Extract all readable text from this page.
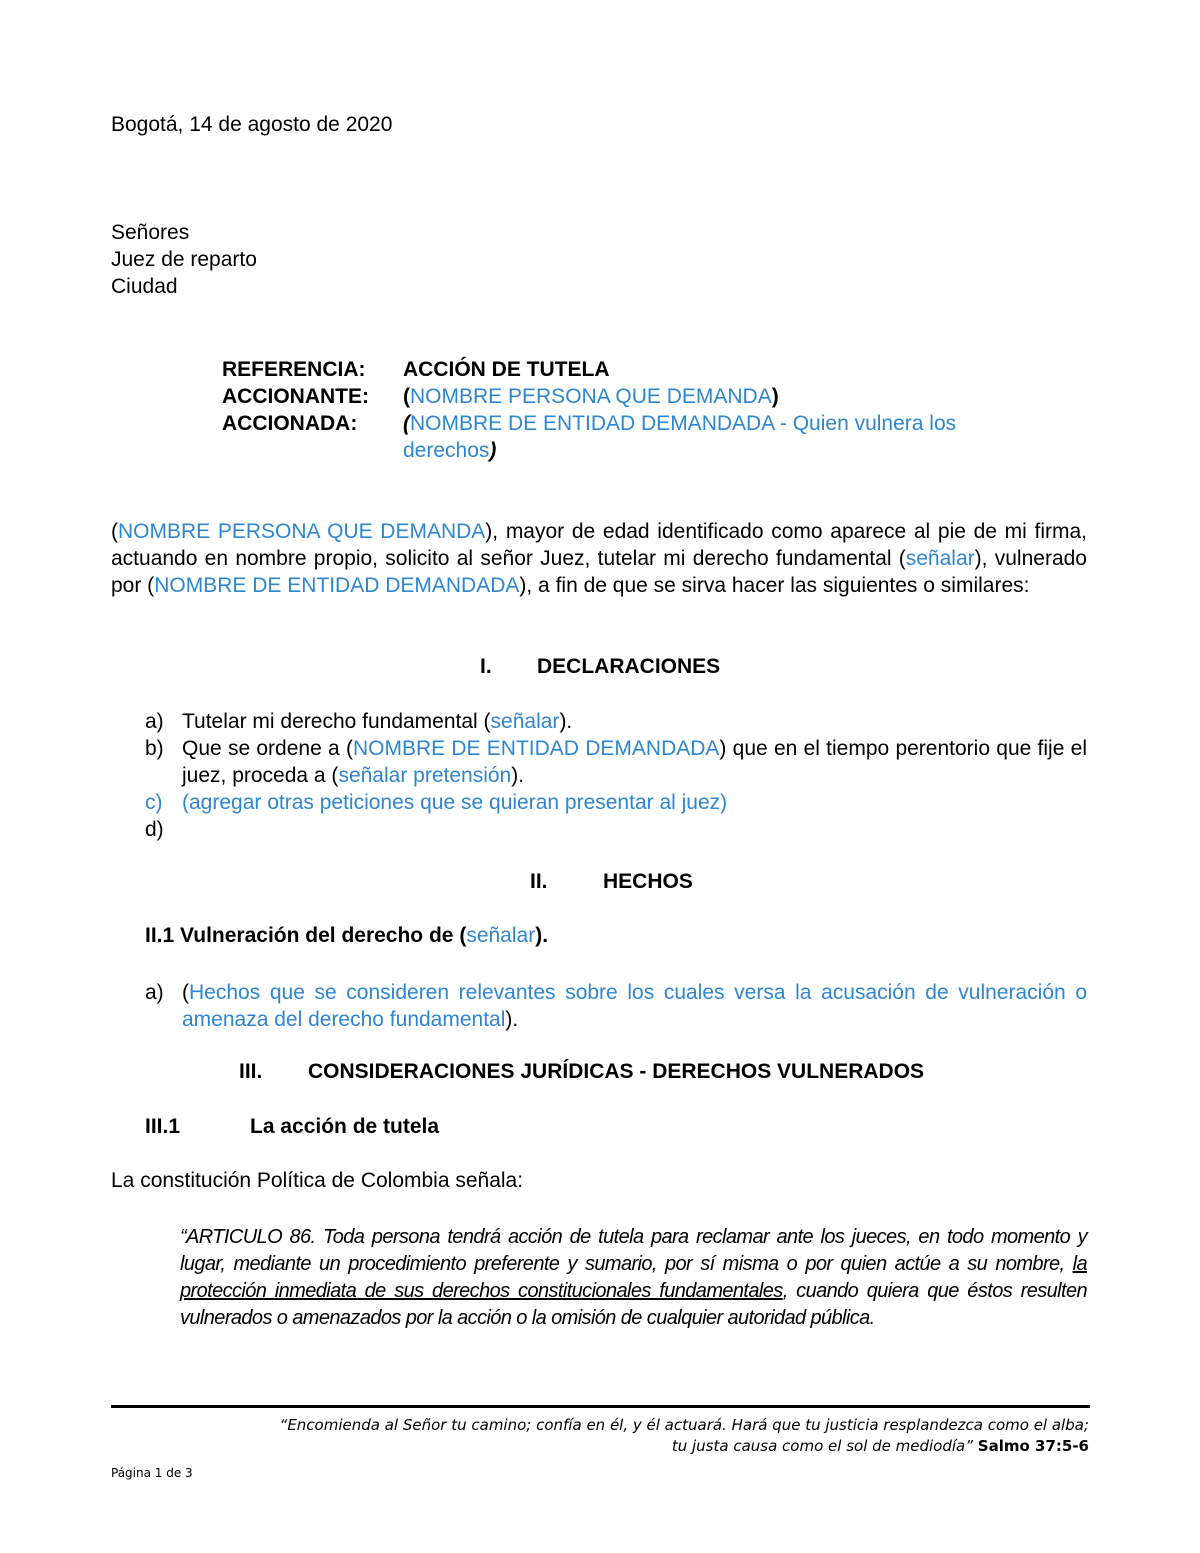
Bogotá, 14 de agosto de 2020
Señores
Juez de reparto
Ciudad
REFERENCIA: ACCIÓN DE TUTELA
ACCIONANTE: (NOMBRE PERSONA QUE DEMANDA)
ACCIONADA: (NOMBRE DE ENTIDAD DEMANDADA - Quien vulnera los derechos)
(NOMBRE PERSONA QUE DEMANDA), mayor de edad identificado como aparece al pie de mi firma, actuando en nombre propio, solicito al señor Juez, tutelar mi derecho fundamental (señalar), vulnerado por (NOMBRE DE ENTIDAD DEMANDADA), a fin de que se sirva hacer las siguientes o similares:
I. DECLARACIONES
a) Tutelar mi derecho fundamental (señalar).
b) Que se ordene a (NOMBRE DE ENTIDAD DEMANDADA) que en el tiempo perentorio que fije el juez, proceda a (señalar pretensión).
c) (agregar otras peticiones que se quieran presentar al juez)
d)
II.	HECHOS
II.1 Vulneración del derecho de (señalar).
a) (Hechos que se consideren relevantes sobre los cuales versa la acusación de vulneración o amenaza del derecho fundamental).
III. CONSIDERACIONES JURÍDICAS - DERECHOS VULNERADOS
III.1	La acción de tutela
La constitución Política de Colombia señala:
“ARTICULO 86. Toda persona tendrá acción de tutela para reclamar ante los jueces, en todo momento y lugar, mediante un procedimiento preferente y sumario, por sí misma o por quien actúe a su nombre, la protección inmediata de sus derechos constitucionales fundamentales, cuando quiera que éstos resulten vulnerados o amenazados por la acción o la omisión de cualquier autoridad pública.
“Encomienda al Señor tu camino; confía en él, y él actuará. Hará que tu justicia resplandezca como el alba;
tu justa causa como el sol de mediodía” Salmo 37:5-6
Página 1 de 3
